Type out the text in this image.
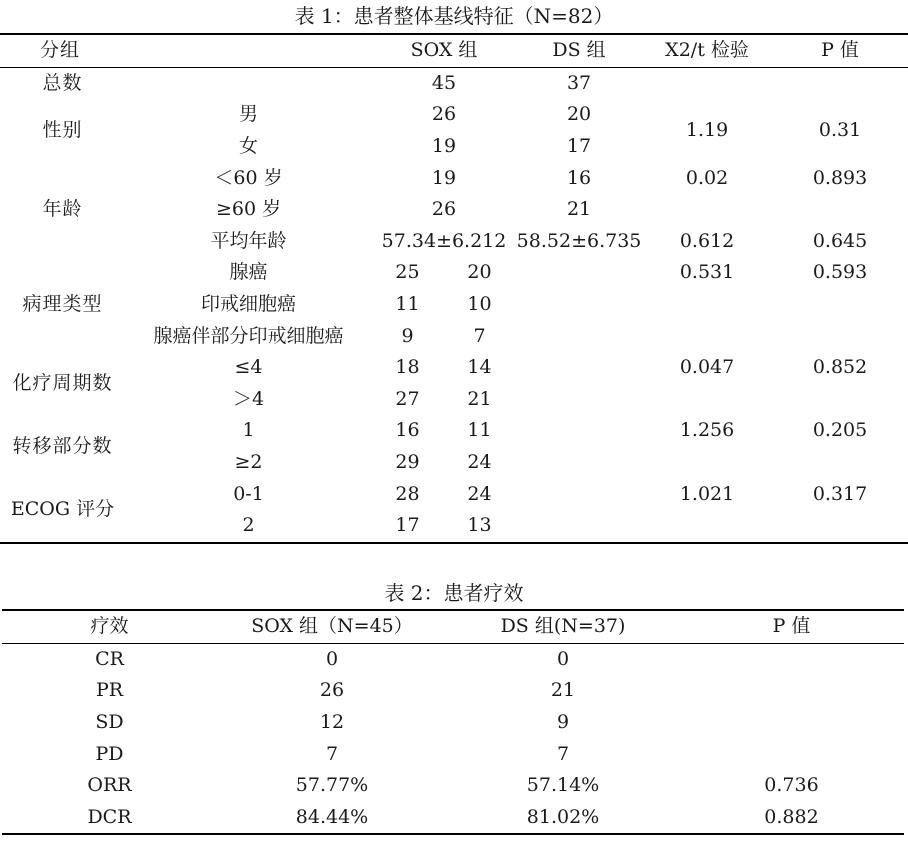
表 1：患者整体基线特征（N=82）
分组		SOX 组		DS 组	X2/t 检验	P 值
总数		45		37		
性别	男	26		20	1.19	0.31
	女	19		17		
年龄	＜60 岁	19		16	0.02	0.893
	≥60 岁	26		21		
	平均年龄	57.34±6.212		58.52±6.735	0.612	0.645
病理类型	腺癌	25	20		0.531	0.593
	印戒细胞癌	11	10			
	腺癌伴部分印戒细胞癌	9	7			
化疗周期数	≤4	18	14		0.047	0.852
	＞4	27	21			
转移部分数	1	16	11		1.256	0.205
	≥2	29	24			
ECOG 评分	0-1	28	24		1.021	0.317
	2	17	13			
表 2：患者疗效
疗效	SOX 组（N=45）	DS 组(N=37)	P 值
CR	0	0	
PR	26	21	
SD	12	9	
PD	7	7	
ORR	57.77%	57.14%	0.736
DCR	84.44%	81.02%	0.882
